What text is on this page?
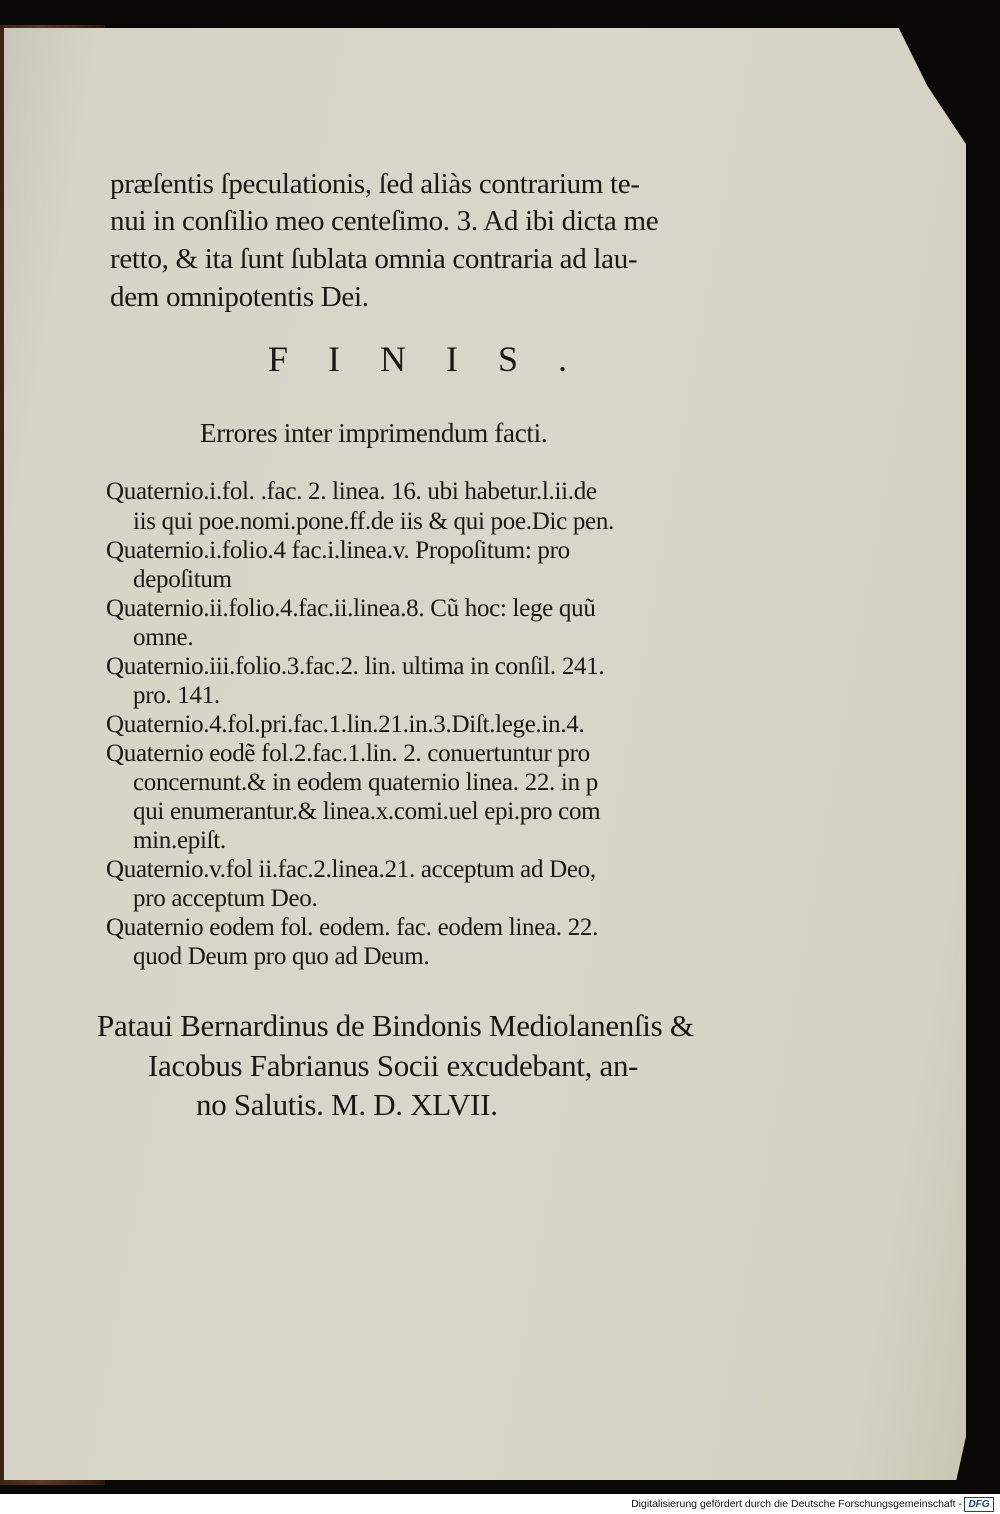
præſentis ſpeculationis, ſed aliàs contrarium te-
nui in conſilio meo centeſimo. 3. Ad ibi dicta me
retto, & ita ſunt ſublata omnia contraria ad lau-
dem omnipotentis Dei.
FINIS.
Errores inter imprimendum facti.
Quaternio.i.fol. .fac. 2. linea. 16. ubi habetur.l.ii.de
iis qui poe.nomi.pone.ff.de iis & qui poe.Dic pen.
Quaternio.i.folio.4 fac.i.linea.v. Propoſitum: pro
depoſitum
Quaternio.ii.folio.4.fac.ii.linea.8. Cũ hoc: lege quũ
omne.
Quaternio.iii.folio.3.fac.2. lin. ultima in conſil. 241.
pro. 141.
Quaternio.4.fol.pri.fac.1.lin.21.in.3.Diſt.lege.in.4.
Quaternio eodẽ fol.2.fac.1.lin. 2. conuertuntur pro
concernunt.& in eodem quaternio linea. 22. in p
qui enumerantur.& linea.x.comi.uel epi.pro com
min.epiſt.
Quaternio.v.fol ii.fac.2.linea.21. acceptum ad Deo,
pro acceptum Deo.
Quaternio eodem fol. eodem. fac. eodem linea. 22.
quod Deum pro quo ad Deum.
Pataui Bernardinus de Bindonis Mediolanenſis &
Iacobus Fabrianus Socii excudebant, an-
no Salutis. M. D. XLVII.
Digitalisierung gefördert durch die Deutsche Forschungsgemeinschaft - DFG
